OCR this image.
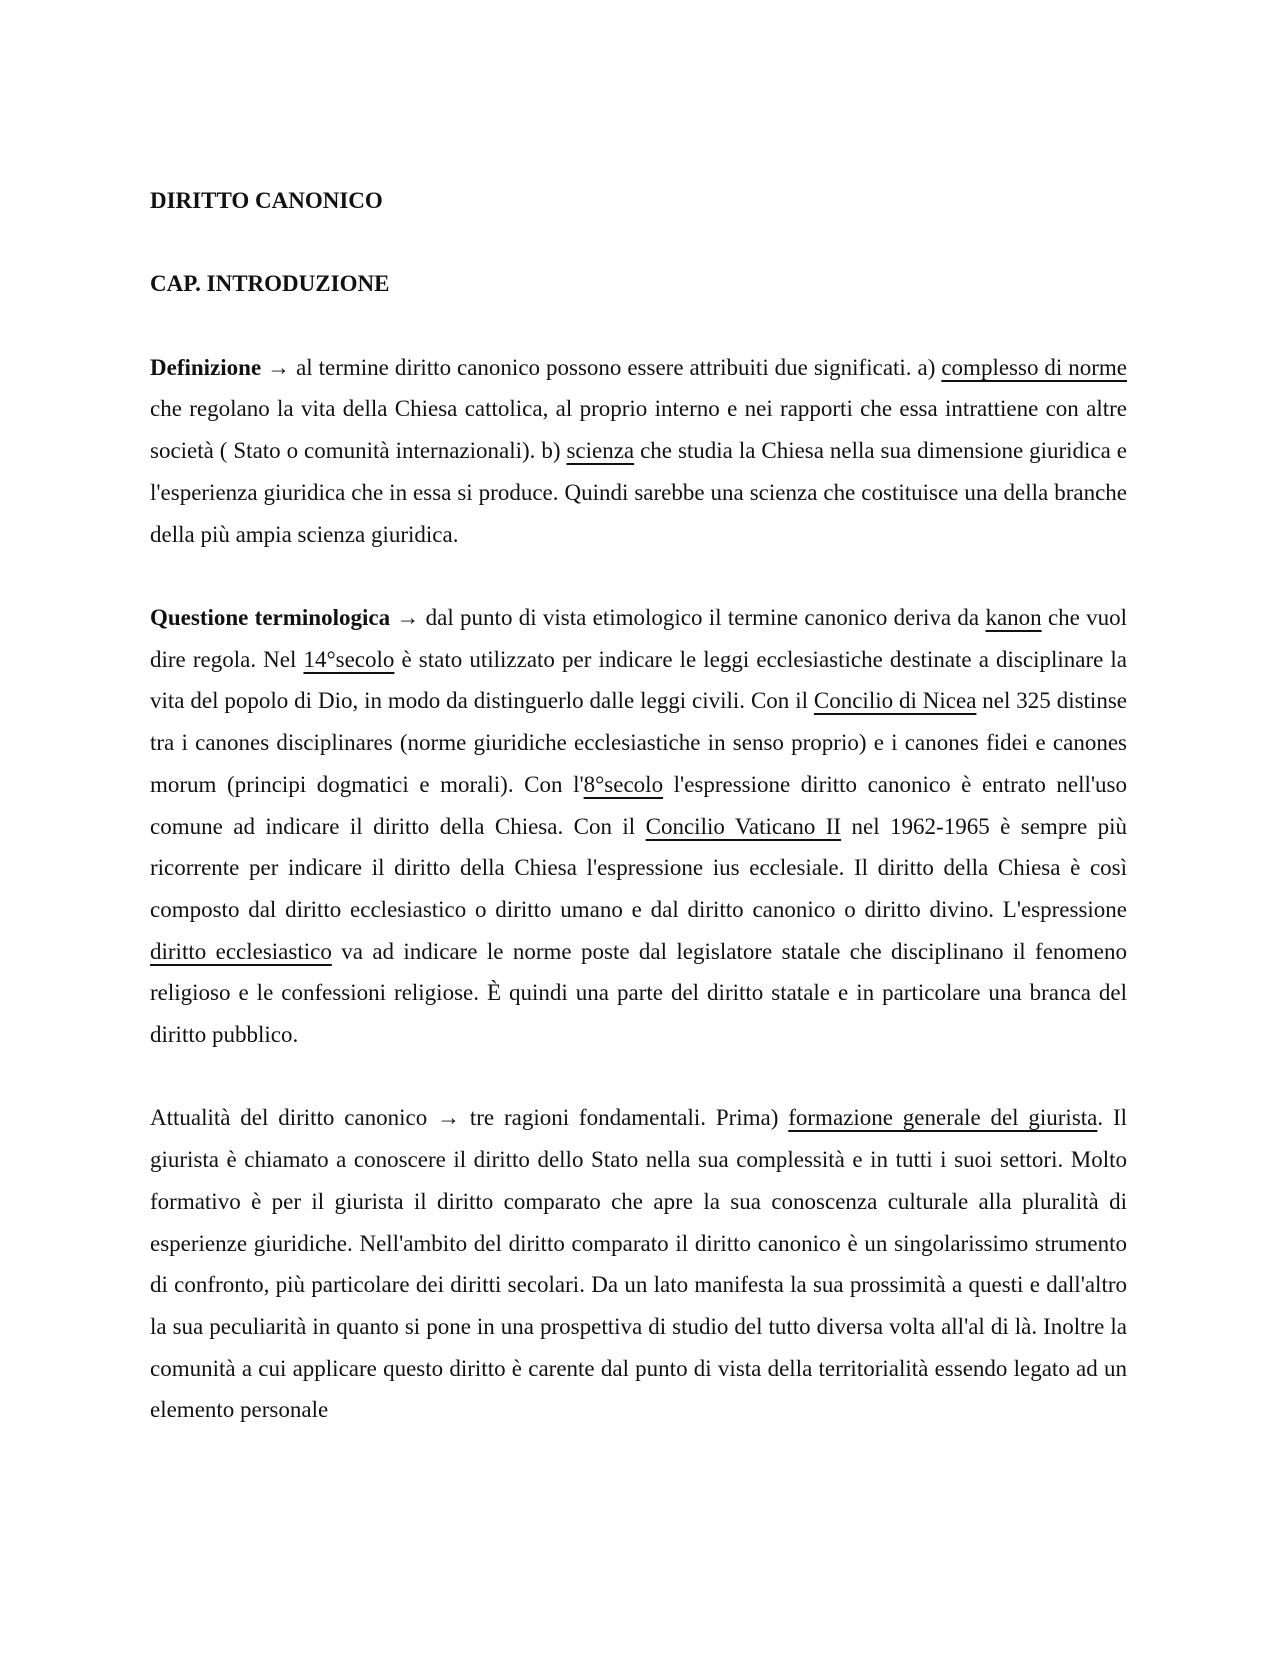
DIRITTO CANONICO
CAP. INTRODUZIONE

Definizione → al termine diritto canonico possono essere attribuiti due significati. a) complesso di norme che regolano la vita della Chiesa cattolica, al proprio interno e nei rapporti che essa intrattiene con altre società ( Stato o comunità internazionali). b) scienza che studia la Chiesa nella sua dimensione giuridica e l'esperienza giuridica che in essa si produce. Quindi sarebbe una scienza che costituisce una della branche della più ampia scienza giuridica.

Questione terminologica → dal punto di vista etimologico il termine canonico deriva da kanon che vuol dire regola. Nel 14°secolo è stato utilizzato per indicare le leggi ecclesiastiche destinate a disciplinare la vita del popolo di Dio, in modo da distinguerlo dalle leggi civili. Con il Concilio di Nicea nel 325 distinse tra i canones disciplinares (norme giuridiche ecclesiastiche in senso proprio) e i canones fidei e canones morum (principi dogmatici e morali). Con l'8°secolo l'espressione diritto canonico è entrato nell'uso comune ad indicare il diritto della Chiesa. Con il Concilio Vaticano II nel 1962-1965 è sempre più ricorrente per indicare il diritto della Chiesa l'espressione ius ecclesiale. Il diritto della Chiesa è così composto dal diritto ecclesiastico o diritto umano e dal diritto canonico o diritto divino. L'espressione diritto ecclesiastico va ad indicare le norme poste dal legislatore statale che disciplinano il fenomeno religioso e le confessioni religiose. È quindi una parte del diritto statale e in particolare una branca del diritto pubblico.

Attualità del diritto canonico → tre ragioni fondamentali. Prima) formazione generale del giurista. Il giurista è chiamato a conoscere il diritto dello Stato nella sua complessità e in tutti i suoi settori. Molto formativo è per il giurista il diritto comparato che apre la sua conoscenza culturale alla pluralità di esperienze giuridiche. Nell'ambito del diritto comparato il diritto canonico è un singolarissimo strumento di confronto, più particolare dei diritti secolari. Da un lato manifesta la sua prossimità a questi e dall'altro la sua peculiarità in quanto si pone in una prospettiva di studio del tutto diversa volta all'al di là. Inoltre la comunità a cui applicare questo diritto è carente dal punto di vista della territorialità essendo legato ad un elemento personale
